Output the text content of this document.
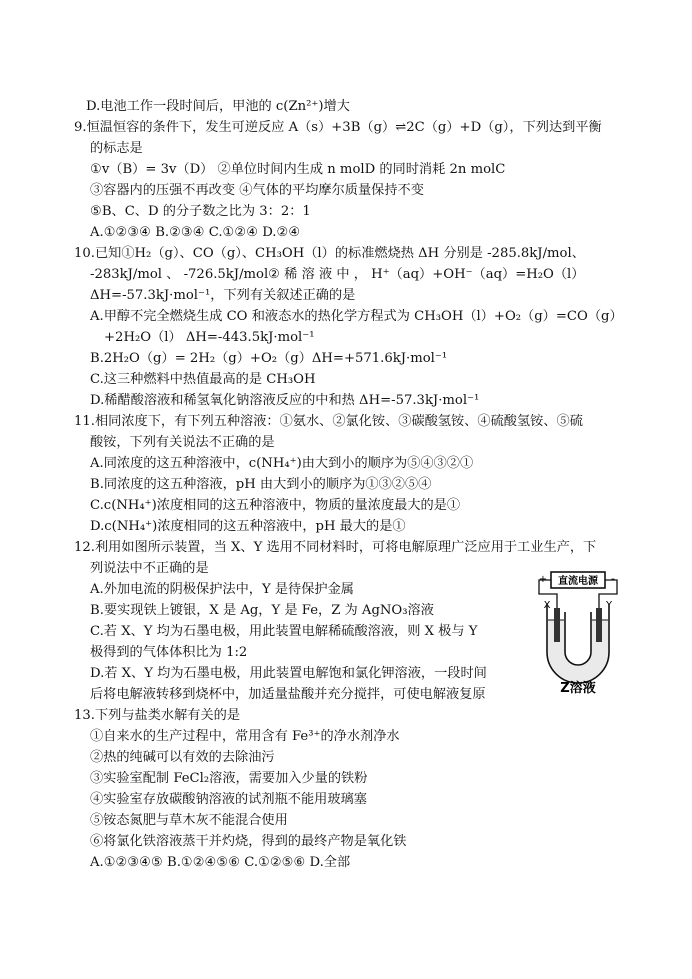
D.电池工作一段时间后，甲池的 c(Zn²⁺)增大
9.恒温恒容的条件下，发生可逆反应 A（s）+3B（g）⇌2C（g）+D（g），下列达到平衡
的标志是
①v（B）= 3v（D） ②单位时间内生成 n molD 的同时消耗 2n molC
③容器内的压强不再改变 ④气体的平均摩尔质量保持不变
⑤B、C、D 的分子数之比为 3：2：1
A.①②③④ B.②③④ C.①②④ D.②④
10.已知①H₂（g）、CO（g）、CH₃OH（l）的标准燃烧热 ΔH 分别是 -285.8kJ/mol、
-283kJ/mol 、 -726.5kJ/mol② 稀 溶 液 中 ， H⁺（aq）+OH⁻（aq）=H₂O（l）
ΔH=-57.3kJ·mol⁻¹，下列有关叙述正确的是
A.甲醇不完全燃烧生成 CO 和液态水的热化学方程式为 CH₃OH（l）+O₂（g）=CO（g）
+2H₂O（l） ΔH=-443.5kJ·mol⁻¹
B.2H₂O（g）= 2H₂（g）+O₂（g）ΔH=+571.6kJ·mol⁻¹
C.这三种燃料中热值最高的是 CH₃OH
D.稀醋酸溶液和稀氢氧化钠溶液反应的中和热 ΔH=-57.3kJ·mol⁻¹
11.相同浓度下，有下列五种溶液：①氨水、②氯化铵、③碳酸氢铵、④硫酸氢铵、⑤硫
酸铵，下列有关说法不正确的是
A.同浓度的这五种溶液中，c(NH₄⁺)由大到小的顺序为⑤④③②①
B.同浓度的这五种溶液，pH 由大到小的顺序为①③②⑤④
C.c(NH₄⁺)浓度相同的这五种溶液中，物质的量浓度最大的是①
D.c(NH₄⁺)浓度相同的这五种溶液中，pH 最大的是①
12.利用如图所示装置，当 X、Y 选用不同材料时，可将电解原理广泛应用于工业生产，下
列说法中不正确的是
A.外加电流的阴极保护法中，Y 是待保护金属
B.要实现铁上镀银，X 是 Ag，Y 是 Fe，Z 为 AgNO₃溶液
C.若 X、Y 均为石墨电极，用此装置电解稀硫酸溶液，则 X 极与 Y
极得到的气体体积比为 1:2
D.若 X、Y 均为石墨电极，用此装置电解饱和氯化钾溶液，一段时间
后将电解液转移到烧杯中，加适量盐酸并充分搅拌，可使电解液复原
13.下列与盐类水解有关的是
①自来水的生产过程中，常用含有 Fe³⁺的净水剂净水
②热的纯碱可以有效的去除油污
③实验室配制 FeCl₂溶液，需要加入少量的铁粉
④实验室存放碳酸钠溶液的试剂瓶不能用玻璃塞
⑤铵态氮肥与草木灰不能混合使用
⑥将氯化铁溶液蒸干并灼烧，得到的最终产物是氧化铁
A.①②③④⑤ B.①②④⑤⑥ C.①②⑤⑥ D.全部
直流电源
+	-
X	Y
Z溶液
